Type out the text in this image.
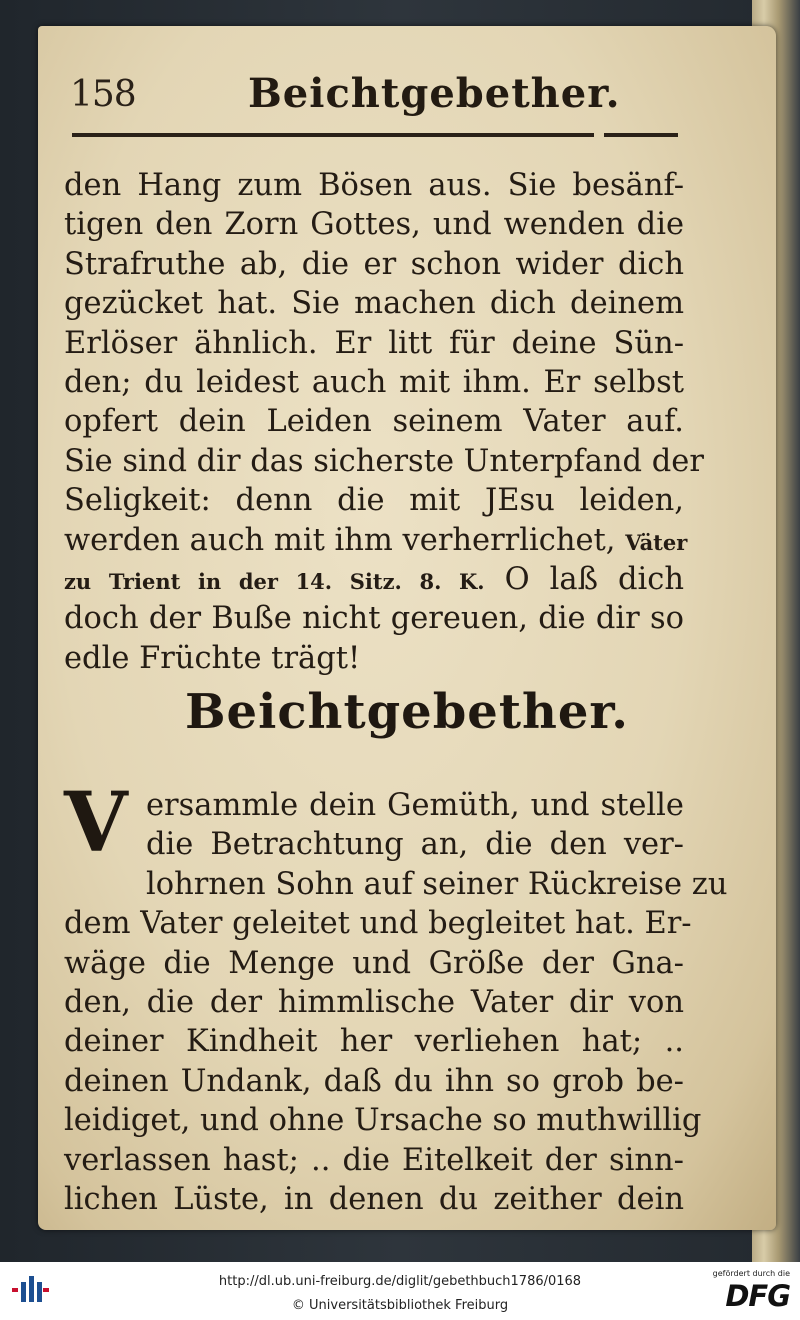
158	Beichtgebether.
den Hang zum Bösen aus. Sie besänf-
tigen den Zorn Gottes, und wenden die
Strafruthe ab, die er schon wider dich
gezücket hat. Sie machen dich deinem
Erlöser ähnlich. Er litt für deine Sün-
den; du leidest auch mit ihm. Er selbst
opfert dein Leiden seinem Vater auf.
Sie sind dir das sicherste Unterpfand der
Seligkeit: denn die mit JEsu leiden,
werden auch mit ihm verherrlichet, Väter
zu Trient in der 14. Sitz. 8. K. O laß dich
doch der Buße nicht gereuen, die dir so
edle Früchte trägt!
Beichtgebether.
V ersammle dein Gemüth, und stelle
die Betrachtung an, die den ver-
lohrnen Sohn auf seiner Rückreise zu
dem Vater geleitet und begleitet hat. Er-
wäge die Menge und Größe der Gna-
den, die der himmlische Vater dir von
deiner Kindheit her verliehen hat; ..
deinen Undank, daß du ihn so grob be-
leidiget, und ohne Ursache so muthwillig
verlassen hast; .. die Eitelkeit der sinn-
lichen Lüste, in denen du zeither dein
http://dl.ub.uni-freiburg.de/diglit/gebethbuch1786/0168
© Universitätsbibliothek Freiburg
gefördert durch die
DFG
